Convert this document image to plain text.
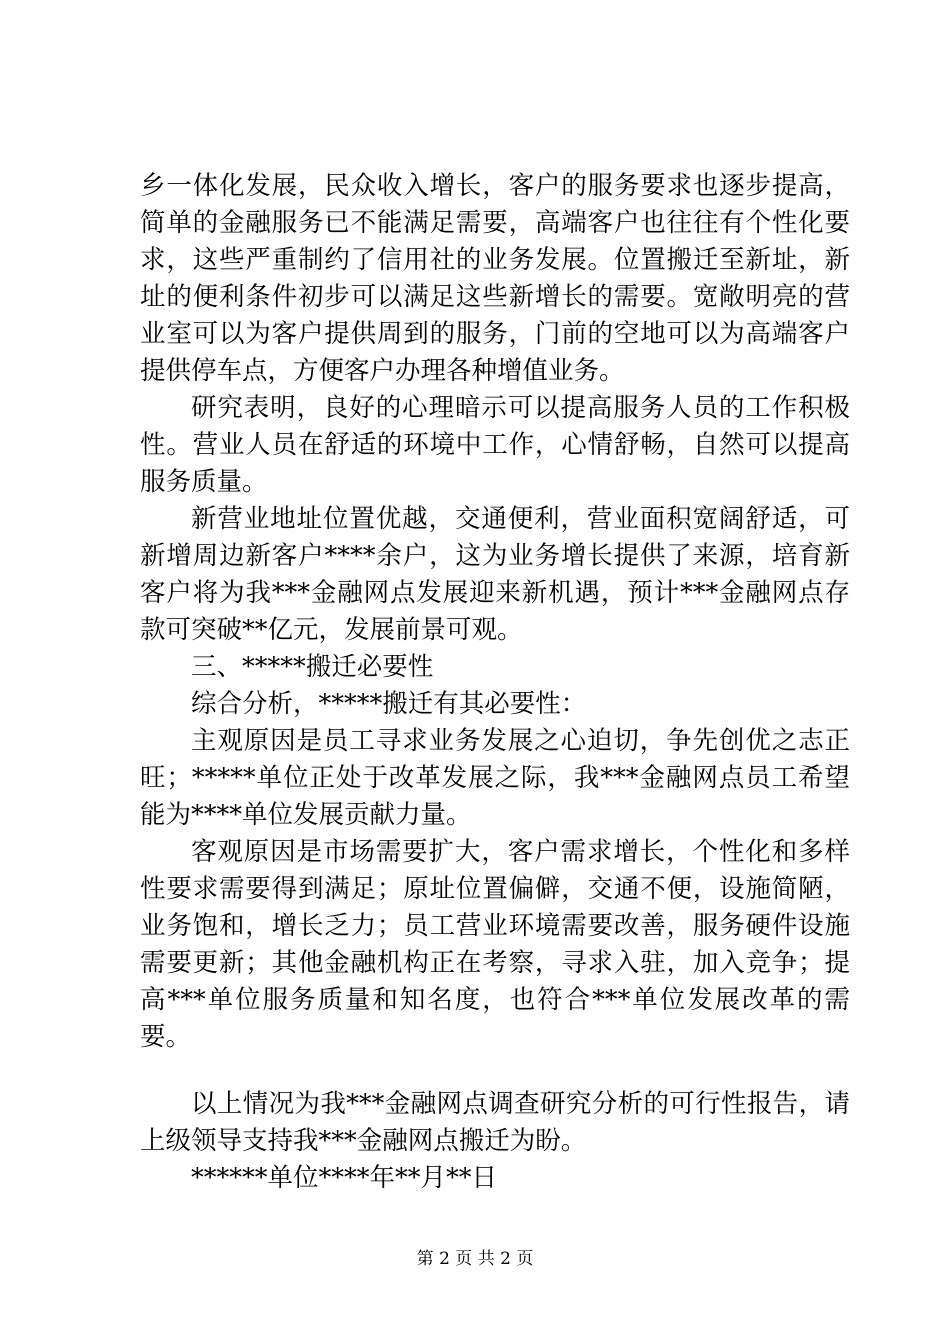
乡一体化发展，民众收入增长，客户的服务要求也逐步提高，简单的金融服务已不能满足需要，高端客户也往往有个性化要求，这些严重制约了信用社的业务发展。位置搬迁至新址，新址的便利条件初步可以满足这些新增长的需要。宽敞明亮的营业室可以为客户提供周到的服务，门前的空地可以为高端客户提供停车点，方便客户办理各种增值业务。

研究表明，良好的心理暗示可以提高服务人员的工作积极性。营业人员在舒适的环境中工作，心情舒畅，自然可以提高服务质量。

新营业地址位置优越，交通便利，营业面积宽阔舒适，可新增周边新客户****余户，这为业务增长提供了来源，培育新客户将为我***金融网点发展迎来新机遇，预计***金融网点存款可突破**亿元，发展前景可观。

三、*****搬迁必要性

综合分析，*****搬迁有其必要性：

主观原因是员工寻求业务发展之心迫切，争先创优之志正旺；*****单位正处于改革发展之际，我***金融网点员工希望能为****单位发展贡献力量。

客观原因是市场需要扩大，客户需求增长，个性化和多样性要求需要得到满足；原址位置偏僻，交通不便，设施简陋，业务饱和，增长乏力；员工营业环境需要改善，服务硬件设施需要更新；其他金融机构正在考察，寻求入驻，加入竞争；提高***单位服务质量和知名度，也符合***单位发展改革的需要。

以上情况为我***金融网点调查研究分析的可行性报告，请上级领导支持我***金融网点搬迁为盼。

******单位****年**月**日

第 2 页 共 2 页
